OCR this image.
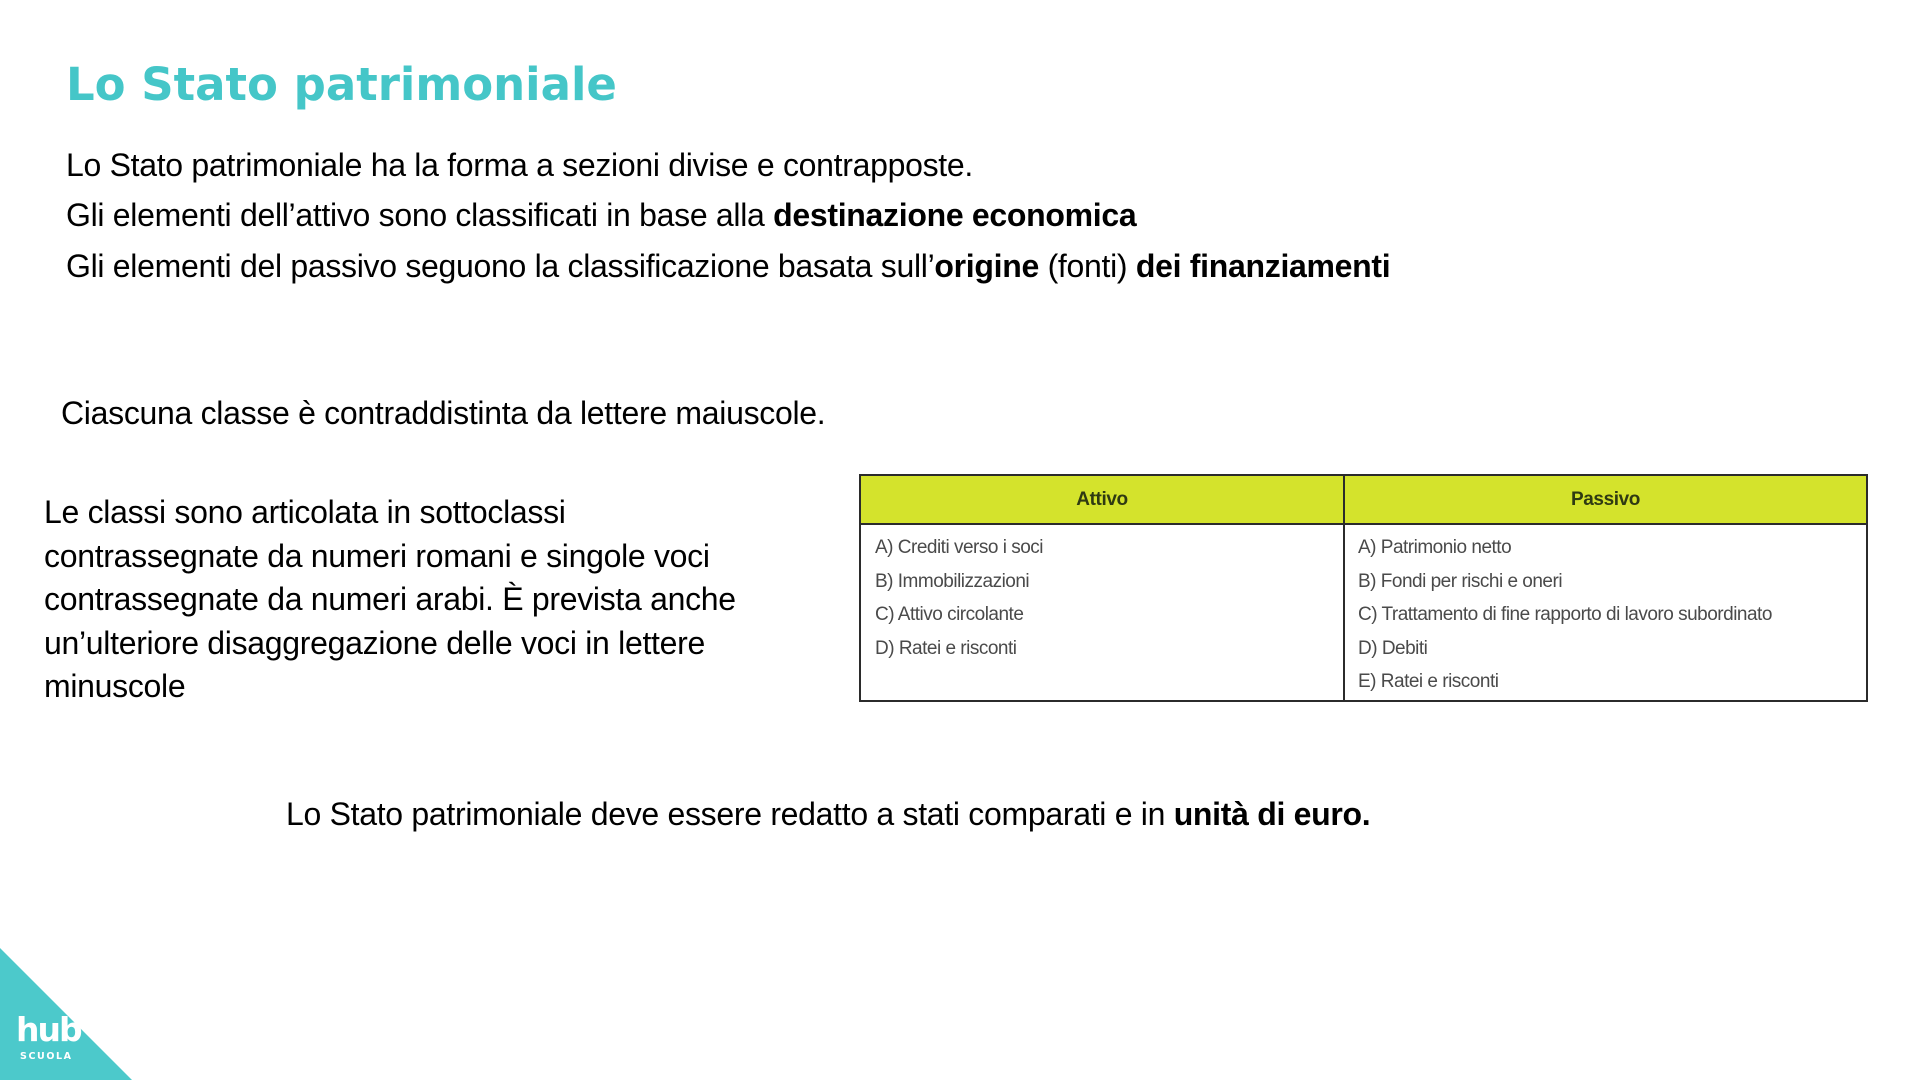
Lo Stato patrimoniale
Lo Stato patrimoniale ha la forma a sezioni divise e contrapposte.
Gli elementi dell’attivo sono classificati in base alla destinazione economica
Gli elementi del passivo seguono la classificazione basata sull’origine (fonti) dei finanziamenti
Ciascuna classe è contraddistinta da lettere maiuscole.
Le classi sono articolata in sottoclassi
contrassegnate da numeri romani e singole voci
contrassegnate da numeri arabi. È prevista anche
un’ulteriore disaggregazione delle voci in lettere
minuscole
Attivo	Passivo

A) Crediti verso i soci
B) Immobilizzazioni
C) Attivo circolante
D) Ratei e risconti

A) Patrimonio netto
B) Fondi per rischi e oneri
C) Trattamento di fine rapporto di lavoro subordinato
D) Debiti
E) Ratei e risconti
Lo Stato patrimoniale deve essere redatto a stati comparati e in unità di euro.
hub
SCUOLA
